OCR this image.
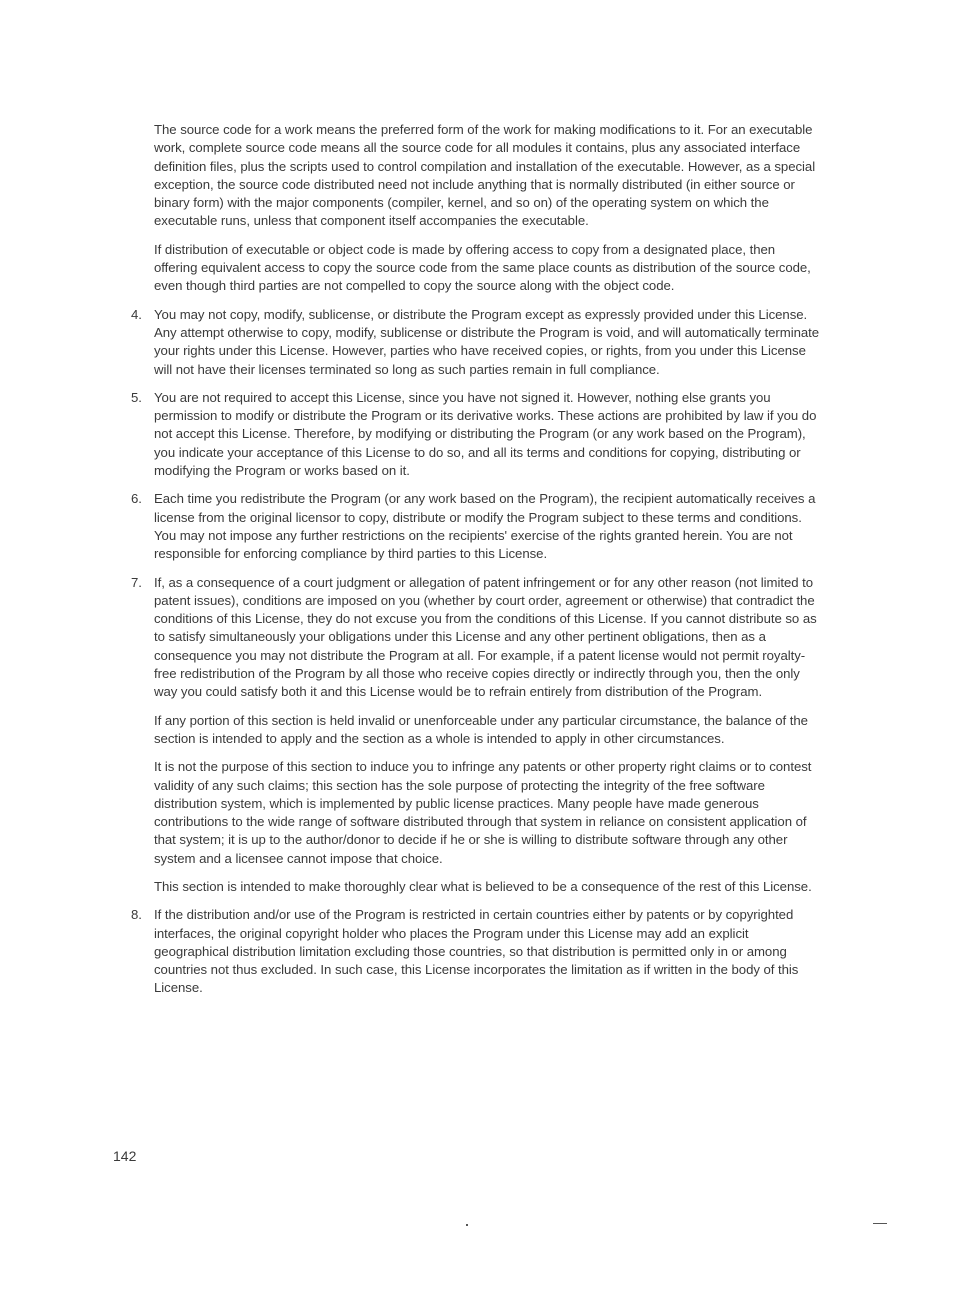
The source code for a work means the preferred form of the work for making modifications to it. For an executable work, complete source code means all the source code for all modules it contains, plus any associated interface definition files, plus the scripts used to control compilation and installation of the executable. However, as a special exception, the source code distributed need not include anything that is normally distributed (in either source or binary form) with the major components (compiler, kernel, and so on) of the operating system on which the executable runs, unless that component itself accompanies the executable.

If distribution of executable or object code is made by offering access to copy from a designated place, then offering equivalent access to copy the source code from the same place counts as distribution of the source code, even though third parties are not compelled to copy the source along with the object code.

4. You may not copy, modify, sublicense, or distribute the Program except as expressly provided under this License. Any attempt otherwise to copy, modify, sublicense or distribute the Program is void, and will automatically terminate your rights under this License. However, parties who have received copies, or rights, from you under this License will not have their licenses terminated so long as such parties remain in full compliance.
5. You are not required to accept this License, since you have not signed it. However, nothing else grants you permission to modify or distribute the Program or its derivative works. These actions are prohibited by law if you do not accept this License. Therefore, by modifying or distributing the Program (or any work based on the Program), you indicate your acceptance of this License to do so, and all its terms and conditions for copying, distributing or modifying the Program or works based on it.
6. Each time you redistribute the Program (or any work based on the Program), the recipient automatically receives a license from the original licensor to copy, distribute or modify the Program subject to these terms and conditions. You may not impose any further restrictions on the recipients' exercise of the rights granted herein. You are not responsible for enforcing compliance by third parties to this License.
7. If, as a consequence of a court judgment or allegation of patent infringement or for any other reason (not limited to patent issues), conditions are imposed on you (whether by court order, agreement or otherwise) that contradict the conditions of this License, they do not excuse you from the conditions of this License. If you cannot distribute so as to satisfy simultaneously your obligations under this License and any other pertinent obligations, then as a consequence you may not distribute the Program at all. For example, if a patent license would not permit royalty-free redistribution of the Program by all those who receive copies directly or indirectly through you, then the only way you could satisfy both it and this License would be to refrain entirely from distribution of the Program.

If any portion of this section is held invalid or unenforceable under any particular circumstance, the balance of the section is intended to apply and the section as a whole is intended to apply in other circumstances.

It is not the purpose of this section to induce you to infringe any patents or other property right claims or to contest validity of any such claims; this section has the sole purpose of protecting the integrity of the free software distribution system, which is implemented by public license practices. Many people have made generous contributions to the wide range of software distributed through that system in reliance on consistent application of that system; it is up to the author/donor to decide if he or she is willing to distribute software through any other system and a licensee cannot impose that choice.

This section is intended to make thoroughly clear what is believed to be a consequence of the rest of this License.

8. If the distribution and/or use of the Program is restricted in certain countries either by patents or by copyrighted interfaces, the original copyright holder who places the Program under this License may add an explicit geographical distribution limitation excluding those countries, so that distribution is permitted only in or among countries not thus excluded. In such case, this License incorporates the limitation as if written in the body of this License.
142
